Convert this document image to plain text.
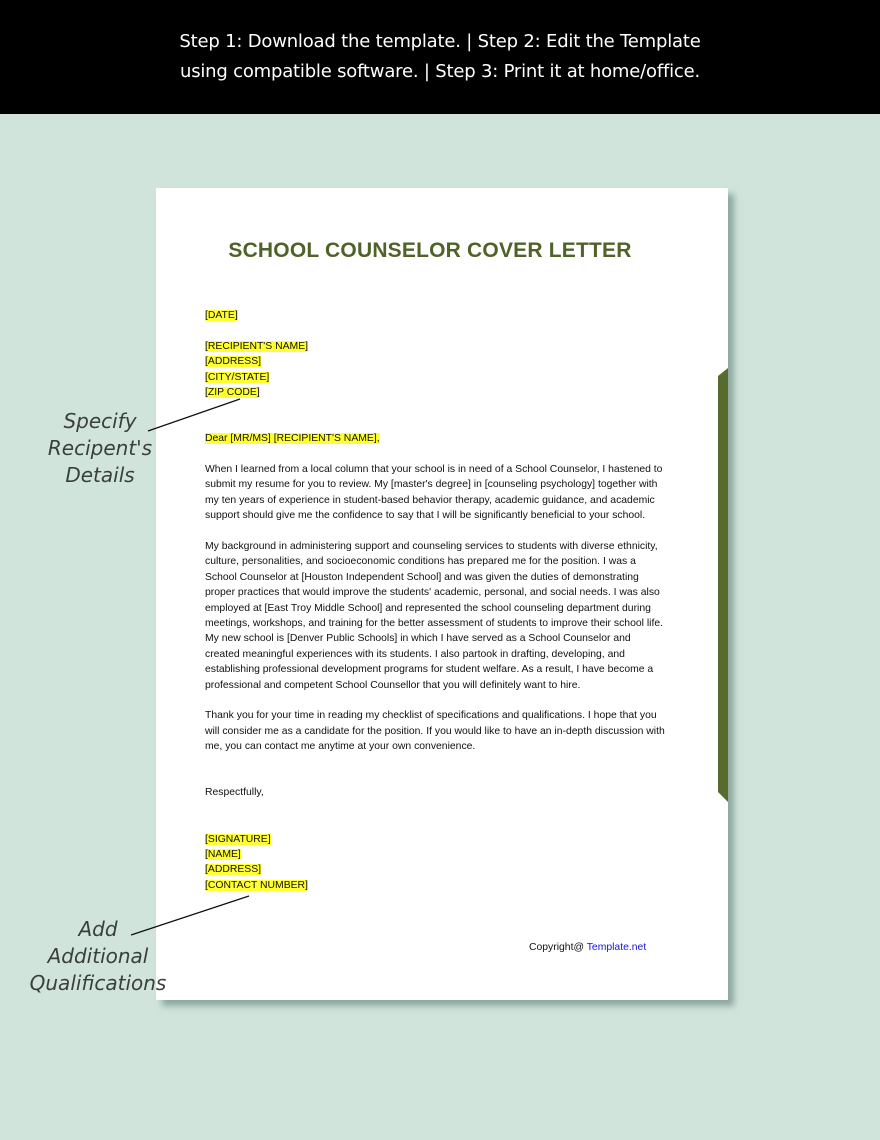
Step 1: Download the template. | Step 2: Edit the Template
using compatible software. | Step 3: Print it at home/office.
SCHOOL COUNSELOR COVER LETTER
[DATE]
[RECIPIENT'S NAME]
[ADDRESS]
[CITY/STATE]
[ZIP CODE]
Dear [MR/MS] [RECIPIENT'S NAME],

When I learned from a local column that your school is in need of a School Counselor, I hastened to submit my resume for you to review. My [master's degree] in [counseling psychology] together with my ten years of experience in student-based behavior therapy, academic guidance, and academic support should give me the confidence to say that I will be significantly beneficial to your school.

My background in administering support and counseling services to students with diverse ethnicity, culture, personalities, and socioeconomic conditions has prepared me for the position. I was a School Counselor at [Houston Independent School] and was given the duties of demonstrating proper practices that would improve the students' academic, personal, and social needs. I was also employed at [East Troy Middle School] and represented the school counseling department during meetings, workshops, and training for the better assessment of students to improve their school life. My new school is [Denver Public Schools] in which I have served as a School Counselor and created meaningful experiences with its students. I also partook in drafting, developing, and establishing professional development programs for student welfare. As a result, I have become a professional and competent School Counsellor that you will definitely want to hire.

Thank you for your time in reading my checklist of specifications and qualifications. I hope that you will consider me as a candidate for the position. If you would like to have an in-depth discussion with me, you can contact me anytime at your own convenience.

Respectfully,
[SIGNATURE]
[NAME]
[ADDRESS]
[CONTACT NUMBER]
Copyright@ Template.net
Specify
Recipent's
Details
Add
Additional
Qualifications
